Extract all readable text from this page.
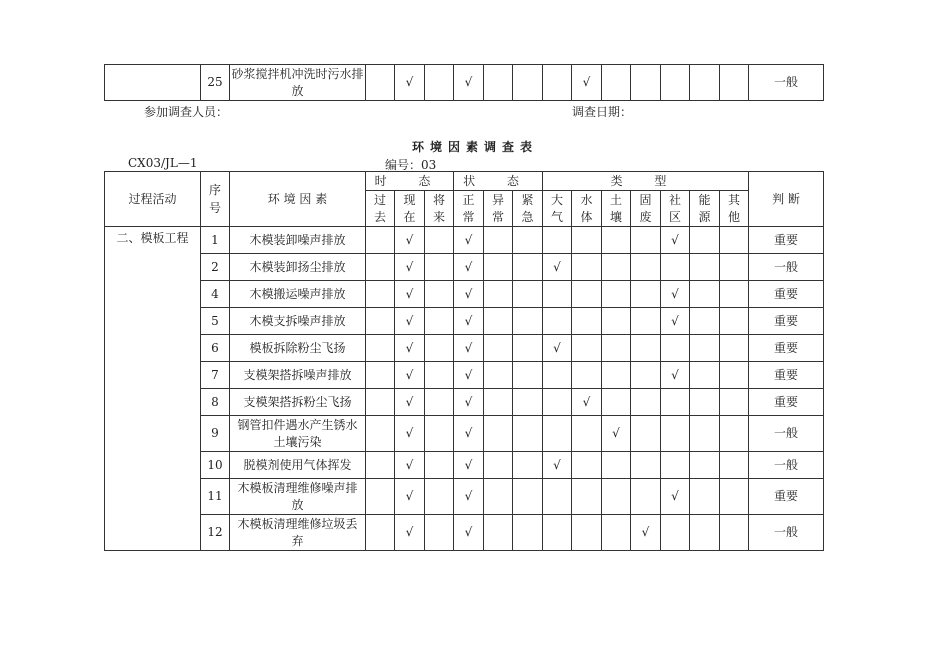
	25	砂浆搅拌机冲洗时污水排放		√		√				√						一般
参加调查人员：	调查日期：
环境因素调查表
CX03/JL—1	编号：03
过程活动	序号	环 境 因 素	时 态			状 态			类 型							判 断
			过去	现在	将来	正常	异常	紧急	大气	水体	土壤	固废	社区	能源	其他	
二、模板工程	1	木模装卸噪声排放		√		√							√			重要
	2	木模装卸扬尘排放		√		√			√							一般
	4	木模搬运噪声排放		√		√							√			重要
	5	木模支拆噪声排放		√		√							√			重要
	6	模板拆除粉尘飞扬		√		√			√							重要
	7	支模架搭拆噪声排放		√		√							√			重要
	8	支模架搭拆粉尘飞扬		√		√				√						重要
	9	钢管扣件遇水产生锈水土壤污染		√		√					√					一般
	10	脱模剂使用气体挥发		√		√			√							一般
	11	木模板清理维修噪声排放		√		√							√			重要
	12	木模板清理维修垃圾丢弃		√		√						√				一般
